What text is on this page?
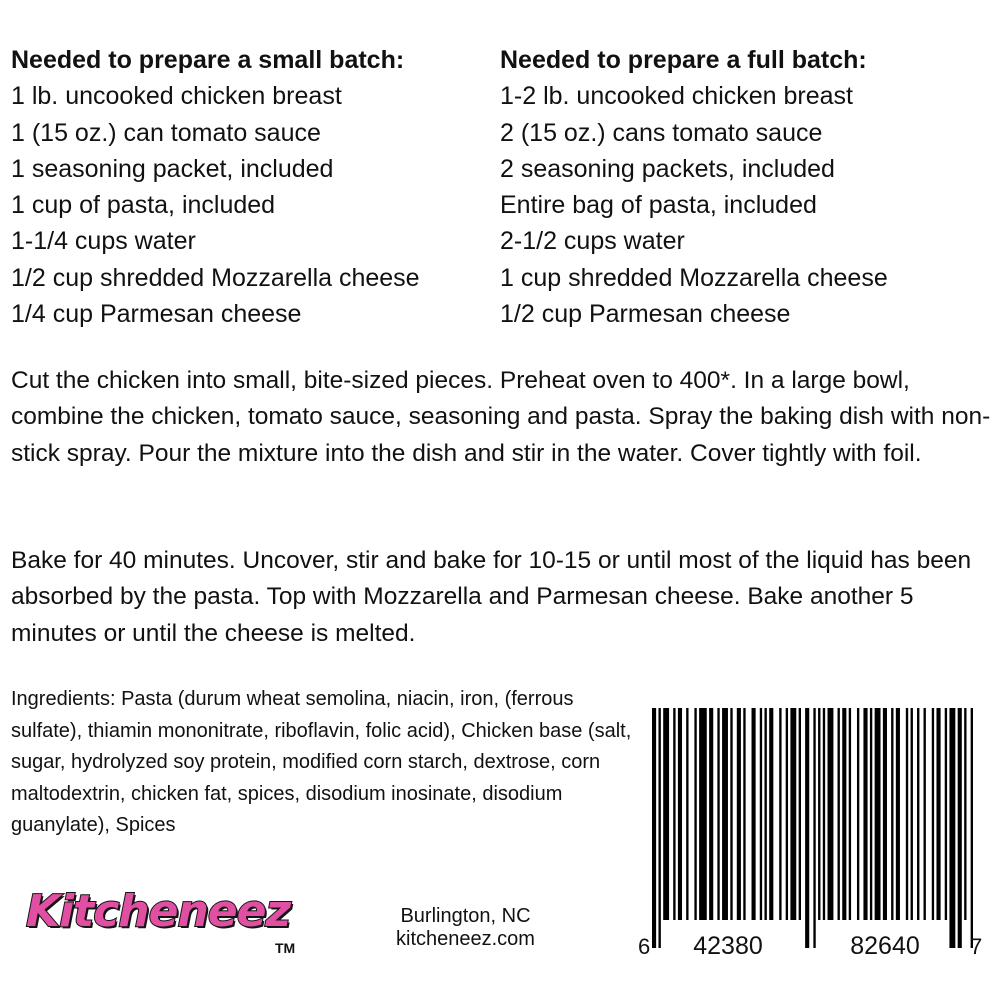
Needed to prepare a small batch:
1 lb. uncooked chicken breast
1 (15 oz.) can tomato sauce
1 seasoning packet, included
1 cup of pasta, included
1-1/4 cups water
1/2 cup shredded Mozzarella cheese
1/4 cup Parmesan cheese
Needed to prepare a full batch:
1-2 lb. uncooked chicken breast
2 (15 oz.) cans tomato sauce
2 seasoning packets, included
Entire bag of pasta, included
2-1/2 cups water
1 cup shredded Mozzarella cheese
1/2 cup Parmesan cheese

Cut the chicken into small, bite-sized pieces. Preheat oven to 400*. In a large bowl, combine the chicken, tomato sauce, seasoning and pasta. Spray the baking dish with non-stick spray. Pour the mixture into the dish and stir in the water. Cover tightly with foil.

Bake for 40 minutes. Uncover, stir and bake for 10-15 or until most of the liquid has been absorbed by the pasta. Top with Mozzarella and Parmesan cheese. Bake another 5 minutes or until the cheese is melted.

Ingredients: Pasta (durum wheat semolina, niacin, iron, (ferrous sulfate), thiamin mononitrate, riboflavin, folic acid), Chicken base (salt, sugar, hydrolyzed soy protein, modified corn starch, dextrose, corn maltodextrin, chicken fat, spices, disodium inosinate, disodium guanylate), Spices

Kitcheneez
TM
Burlington, NC
kitcheneez.com	6 42380	82640 7
